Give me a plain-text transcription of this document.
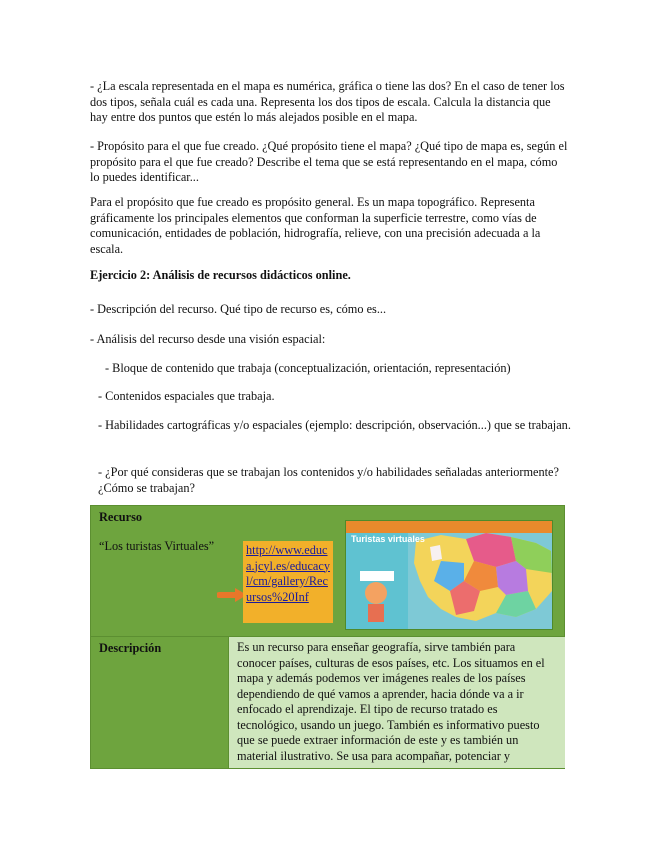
- ¿La escala representada en el mapa es numérica, gráfica o tiene las dos? En el caso de tener los dos tipos, señala cuál es cada una. Representa los dos tipos de escala. Calcula la distancia que hay entre dos puntos que estén lo más alejados posible en el mapa.

- Propósito para el que fue creado. ¿Qué propósito tiene el mapa? ¿Qué tipo de mapa es, según el propósito para el que fue creado? Describe el tema que se está representando en el mapa, cómo lo puedes identificar...

Para el propósito que fue creado es propósito general. Es un mapa topográfico. Representa gráficamente los principales elementos que conforman la superficie terrestre, como vías de comunicación, entidades de población, hidrografía, relieve, con una precisión adecuada a la escala.

Ejercicio 2: Análisis de recursos didácticos online.

- Descripción del recurso. Qué tipo de recurso es, cómo es...

- Análisis del recurso desde una visión espacial:

- Bloque de contenido que trabaja (conceptualización, orientación, representación)

- Contenidos espaciales que trabaja.

- Habilidades cartográficas y/o espaciales (ejemplo: descripción, observación...) que se trabajan.

- ¿Por qué consideras que se trabajan los contenidos y/o habilidades señaladas anteriormente? ¿Cómo se trabajan?

Recurso
“Los turistas Virtuales”	http://www.educa.jcyl.es/educacyl/cm/gallery/Recursos%20Inf
Turistas virtuales
Descripción	Es un recurso para enseñar geografía, sirve también para conocer países, culturas de esos países, etc. Los situamos en el mapa y además podemos ver imágenes reales de los países dependiendo de qué vamos a aprender, hacia dónde va a ir enfocado el aprendizaje. El tipo de recurso tratado es tecnológico, usando un juego. También es informativo puesto que se puede extraer información de este y es también un material ilustrativo. Se usa para acompañar, potenciar y
